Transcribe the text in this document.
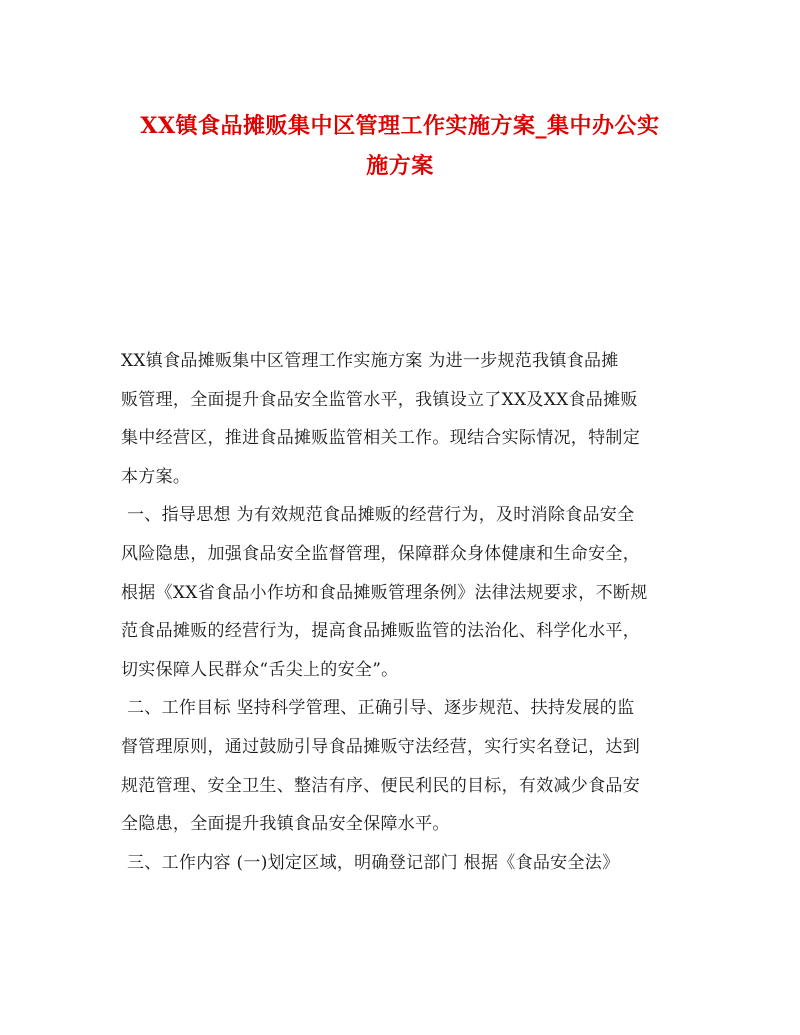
XX镇食品摊贩集中区管理工作实施方案_集中办公实
施方案
XX镇食品摊贩集中区管理工作实施方案 为进一步规范我镇食品摊
贩管理，全面提升食品安全监管水平，我镇设立了XX及XX食品摊贩
集中经营区，推进食品摊贩监管相关工作。现结合实际情况，特制定
本方案。
一、指导思想 为有效规范食品摊贩的经营行为，及时消除食品安全
风险隐患，加强食品安全监督管理，保障群众身体健康和生命安全，
根据《XX省食品小作坊和食品摊贩管理条例》法律法规要求，不断规
范食品摊贩的经营行为，提高食品摊贩监管的法治化、科学化水平，
切实保障人民群众“舌尖上的安全”。
二、工作目标 坚持科学管理、正确引导、逐步规范、扶持发展的监
督管理原则，通过鼓励引导食品摊贩守法经营，实行实名登记，达到
规范管理、安全卫生、整洁有序、便民利民的目标，有效减少食品安
全隐患，全面提升我镇食品安全保障水平。
三、工作内容 (一)划定区域，明确登记部门 根据《食品安全法》
